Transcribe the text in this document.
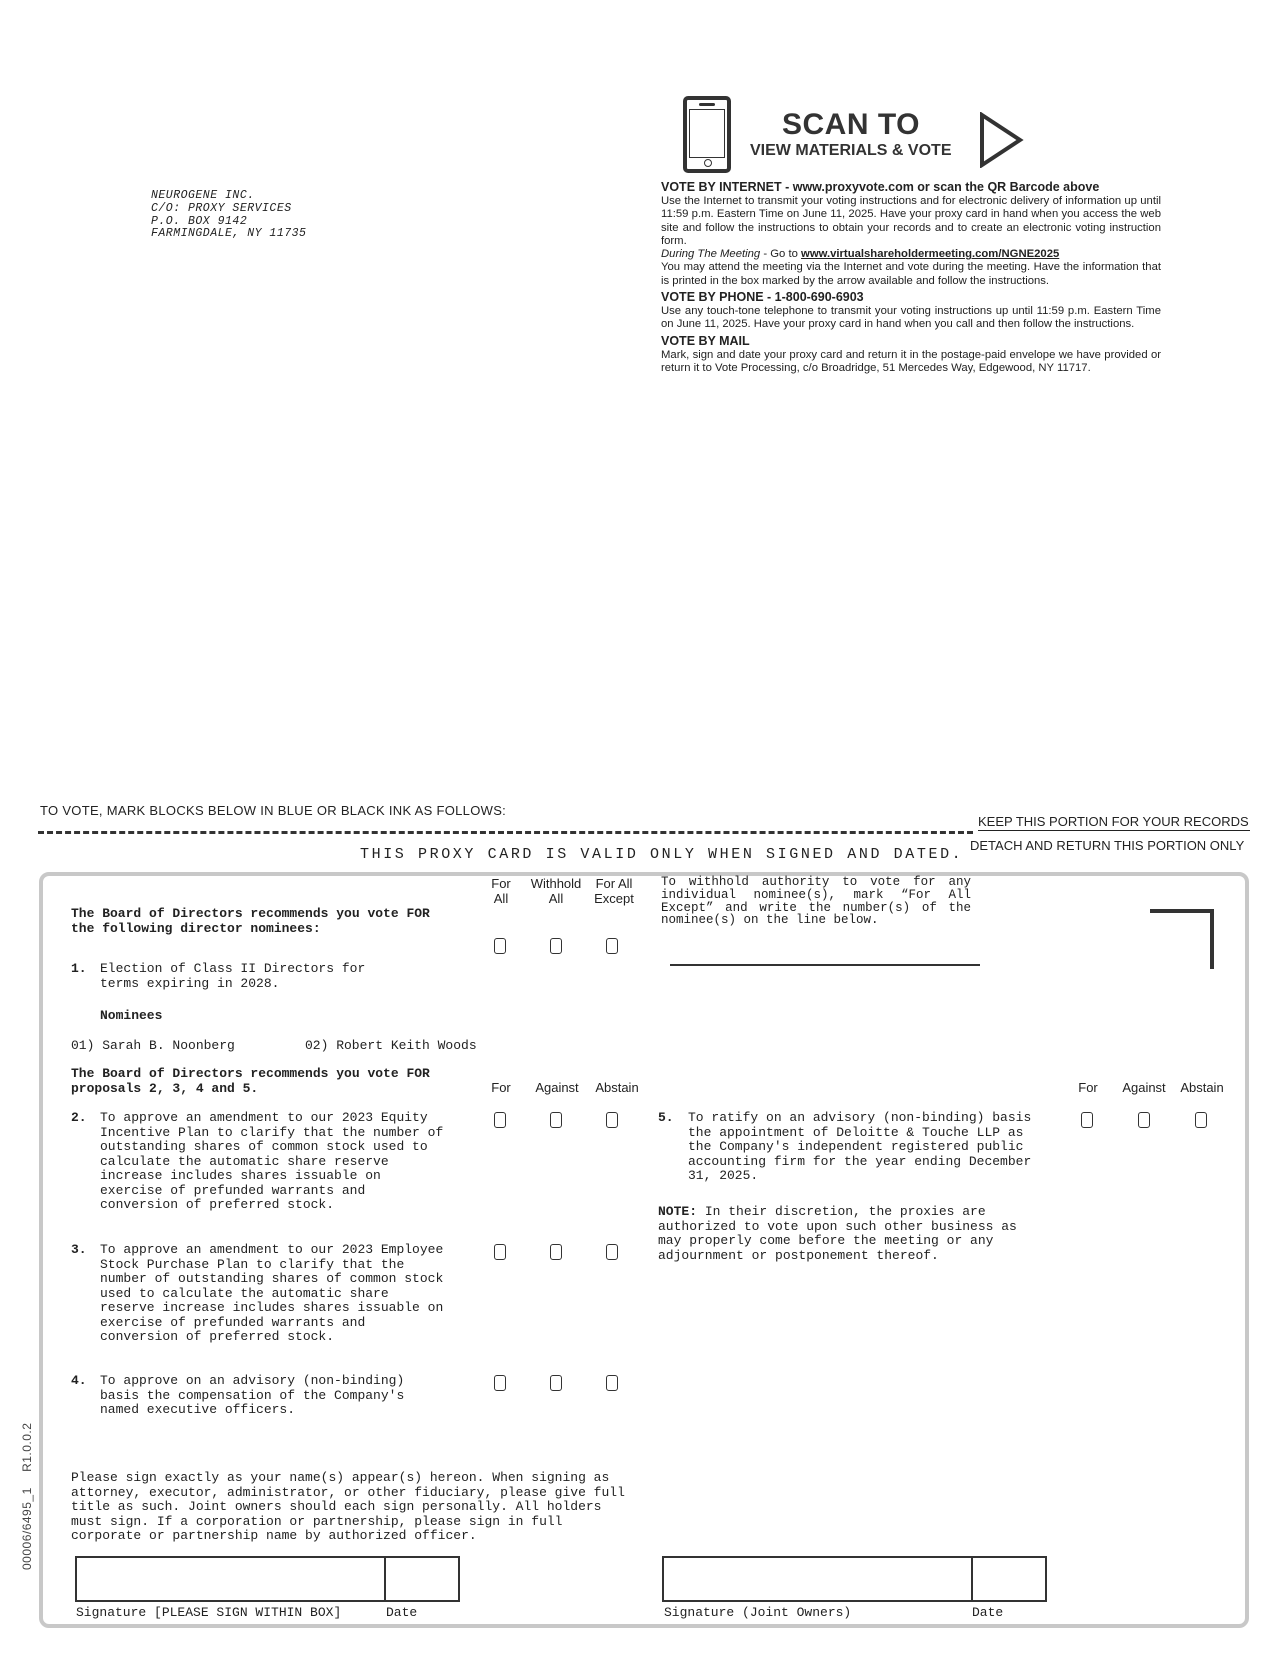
NEUROGENE INC.
C/O: PROXY SERVICES
P.O. BOX 9142
FARMINGDALE, NY 11735
SCAN TO
VIEW MATERIALS & VOTE
VOTE BY INTERNET - www.proxyvote.com or scan the QR Barcode above

Use the Internet to transmit your voting instructions and for electronic delivery of information up until 11:59 p.m. Eastern Time on June 11, 2025. Have your proxy card in hand when you access the web site and follow the instructions to obtain your records and to create an electronic voting instruction form.

During The Meeting - Go to www.virtualshareholdermeeting.com/NGNE2025

You may attend the meeting via the Internet and vote during the meeting. Have the information that is printed in the box marked by the arrow available and follow the instructions.

VOTE BY PHONE - 1-800-690-6903

Use any touch-tone telephone to transmit your voting instructions up until 11:59 p.m. Eastern Time on June 11, 2025. Have your proxy card in hand when you call and then follow the instructions.

VOTE BY MAIL

Mark, sign and date your proxy card and return it in the postage-paid envelope we have provided or return it to Vote Processing, c/o Broadridge, 51 Mercedes Way, Edgewood, NY 11717.

TO VOTE, MARK BLOCKS BELOW IN BLUE OR BLACK INK AS FOLLOWS:
KEEP THIS PORTION FOR YOUR RECORDS
DETACH AND RETURN THIS PORTION ONLY
THIS PROXY CARD IS VALID ONLY WHEN SIGNED AND DATED.
The Board of Directors recommends you vote FOR the following director nominees:
For All
Withhold All
For All Except
To withhold authority to vote for any individual nominee(s), mark “For All Except” and write the number(s) of the nominee(s) on the line below.
1. Election of Class II Directors for terms expiring in 2028.
Nominees
01) Sarah B. Noonberg	02) Robert Keith Woods
The Board of Directors recommends you vote FOR proposals 2, 3, 4 and 5.	For	Against	Abstain	For	Against	Abstain
2. To approve an amendment to our 2023 Equity Incentive Plan to clarify that the number of outstanding shares of common stock used to calculate the automatic share reserve increase includes shares issuable on exercise of prefunded warrants and conversion of preferred stock.
3. To approve an amendment to our 2023 Employee Stock Purchase Plan to clarify that the number of outstanding shares of common stock used to calculate the automatic share reserve increase includes shares issuable on exercise of prefunded warrants and conversion of preferred stock.
4. To approve on an advisory (non-binding) basis the compensation of the Company's named executive officers.
5. To ratify on an advisory (non-binding) basis the appointment of Deloitte & Touche LLP as the Company's independent registered public accounting firm for the year ending December 31, 2025.
NOTE: In their discretion, the proxies are authorized to vote upon such other business as may properly come before the meeting or any adjournment or postponement thereof.
Please sign exactly as your name(s) appear(s) hereon. When signing as attorney, executor, administrator, or other fiduciary, please give full title as such. Joint owners should each sign personally. All holders must sign. If a corporation or partnership, please sign in full corporate or partnership name by authorized officer.
Signature [PLEASE SIGN WITHIN BOX]	Date	Signature (Joint Owners)	Date
00006/6495_1    R1.0.0.2
